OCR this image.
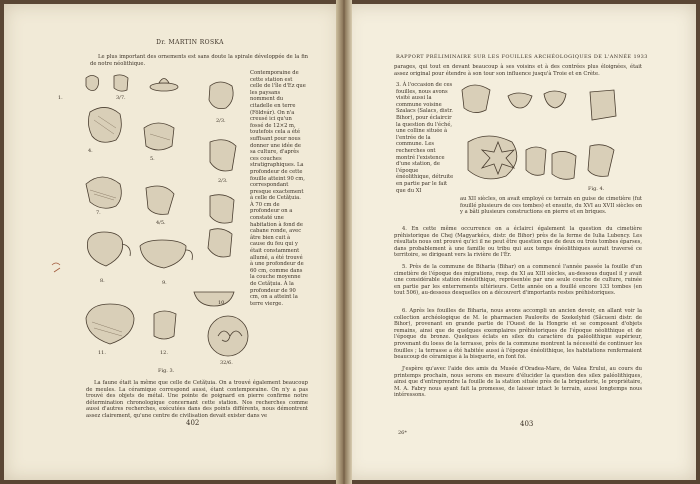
Dr. MARTIN ROSKA
Le plus important des ornements est sans doute la spirale développée de la fin de notre néolithique.
1.	3/7.
2/3.
4.
5.
2/3.
7.
4/5.
8.	9.
10.
11.	12.
32/6.
Contemporaine de cette station est celle de l'île d'Ez que les paysans nomment du citadelle en terre (Földvár). On n'a creusé ici qu'un fossé de 12×2 m, toutefois cela a été suffisant pour nous donner une idée de sa culture, d'après ces couches stratigraphiques. La profondeur de cette fouille atteint 90 cm, correspondant presque exactement à celle de Cetățuia. À 70 cm de profondeur on a constaté une habitation à fond de cabane ronde, avec âtre bien cuit à cause du feu qui y était constamment allumé, a été trouvé à une profondeur de 60 cm, comme dans la couche moyenne de Cetățuia. À la profondeur de 90 cm, on a atteint la terre vierge.
Fig. 3.
La faune était la même que celle de Cetățuia. On a trouvé également beaucoup de meules. La céramique correspond aussi, étant contemporaine. On n'y a pas trouvé des objets de métal. Une pointe de poignard en pierre confirme notre détermination chronologique concernant cette station. Nos recherches comme aussi d'autres recherches, exécutées dans des points différents, nous démontrent assez clairement, qu'une centre de civilisation devait exister dans ve
402
RAPPORT PRÉLIMINAIRE SUR LES FOUILLES ARCHÉOLOGIQUES DE L'ANNÉE 1933
parages, qui tout en devant beaucoup à ses voisins et à des contrées plus éloignées, était assez original pour étendre à son tour son influence jusqu'à Troie et en Crète.
3. À l'occasion de ces fouilles, nous avons visité aussi la commune voisine Szalacs (Salacs, distr. Bihor), pour éclaircir la question du l'éché, une colline située à l'entrée de la commune. Les recherches ont montré l'existence d'une station, de l'époque énéolithique, détruite en partie par le fait que du XI	Fig. 4.
au XII siècles, on avait employé ce terrain en guise de cimetière (fut fouillé plusieurs de ces tombes) et ensuite, du XVI au XVII siècles on y a bâti plusieurs constructions en pierre et en briques.
4. En cette même occurrence on a éclairci également la question du cimetière préhistorique de Chej (Magyarkécs, distr. de Bihor) près de la ferme de Iulia Lubency. Les résultats nous ont prouvé qu'ici il ne peut être question que de deux ou trois tombes éparses, dans probablement à une famille ou tribu qui aux temps énéolithiques aurait traversé ce territoire, se dirigeant vers la rivière de l'Ér.
5. Près de la commune de Biharia (Bihar) on a commencé l'année passée la fouille d'un cimetière de l'époque des migrations, resp. du XI au XIII siècles, au-dessous duquel il y avait une considérable station énéolithique, représentée par une seule couche de culture, ruinée en partie par les enterrements ultérieurs. Cette année on a fouillé encore 133 tombes (en tout 506), au-dessous desquelles on a découvert d'importants restes préhistoriques.
6. Après les fouilles de Biharia, nous avons accompli un ancien devoir, en allant voir la collection archéologique de M. le pharmacien Paulovits de Szekelyhid (Săcueni distr. de Bihor), provenant en grande partie de l'Ouest de la Hongrie et se composant d'objets remains, ainsi que de quelques exemplaires préhistoriques de l'époque néolithique et de l'époque du bronze. Quelques éclats en silex du caractère du paléolithique supérieur, provenant du loess de la terrasse, près de la commune montrent la nécessité de continuer les fouilles ; la terrasse a été habitée aussi à l'époque énéolithique, les habitations renfermaient beaucoup de céramique à la bisquerie, en font foi.
J'espère qu'avec l'aide des amis du Musée d'Oradea-Mare, de Valea Erului, au cours du printemps prochain, nous serons en mesure d'élucider la question des silex paléolithiques, ainsi que d'entreprendre la fouille de la station située près de la briqueterie, le propriétaire, M. A. Fabry nous ayant fait la promesse, de laisser intact le terrain, aussi longtemps nous intéressons.
26*
403
